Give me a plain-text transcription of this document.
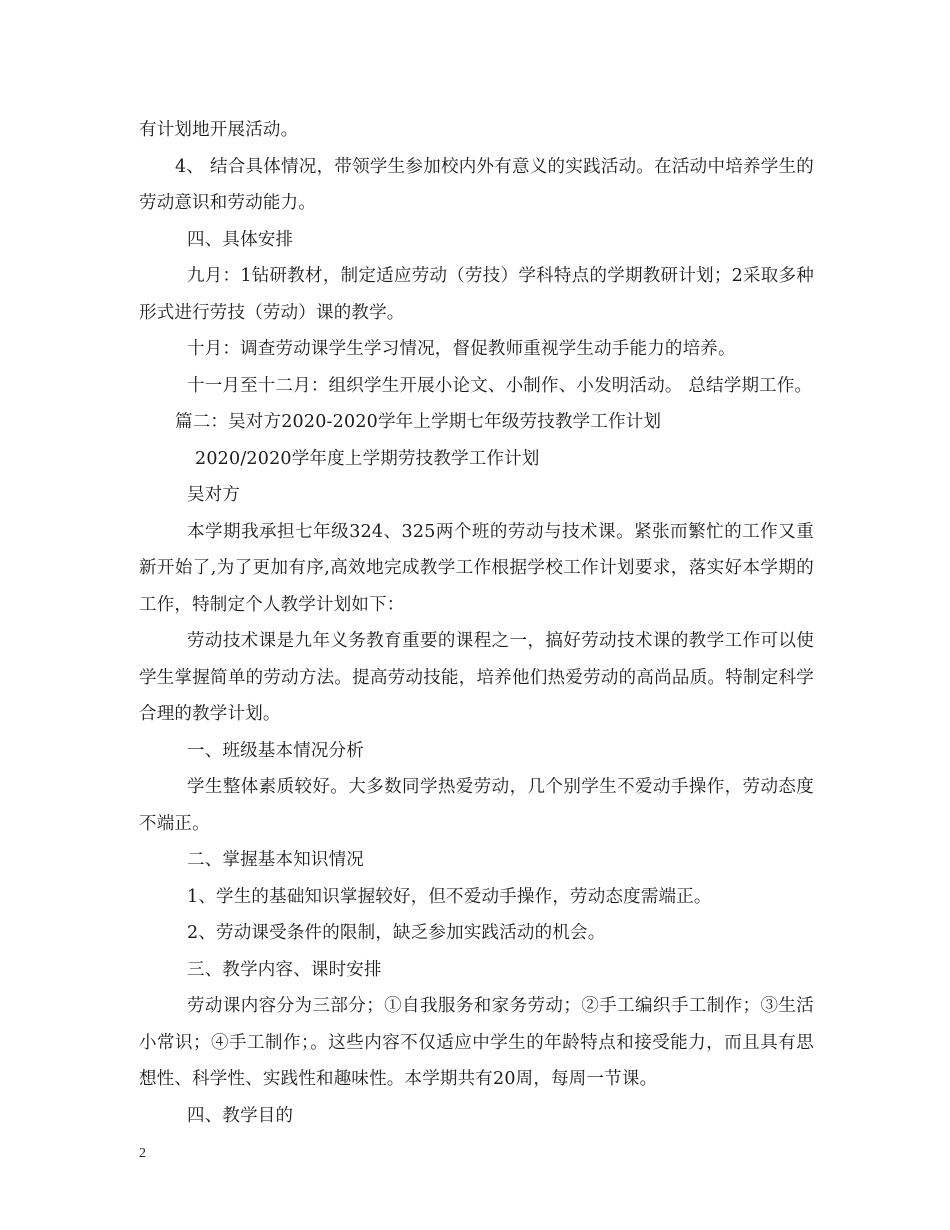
有计划地开展活动。

4、 结合具体情况，带领学生参加校内外有意义的实践活动。在活动中培养学生的劳动意识和劳动能力。

四、具体安排

九月：1钻研教材，制定适应劳动（劳技）学科特点的学期教研计划；2采取多种形式进行劳技（劳动）课的教学。

十月：调查劳动课学生学习情况，督促教师重视学生动手能力的培养。

十一月至十二月：组织学生开展小论文、小制作、小发明活动。 总结学期工作。

篇二：吴对方2020-2020学年上学期七年级劳技教学工作计划

2020/2020学年度上学期劳技教学工作计划

吴对方

本学期我承担七年级324、325两个班的劳动与技术课。紧张而繁忙的工作又重新开始了,为了更加有序,高效地完成教学工作根据学校工作计划要求，落实好本学期的工作，特制定个人教学计划如下：

劳动技术课是九年义务教育重要的课程之一，搞好劳动技术课的教学工作可以使学生掌握简单的劳动方法。提高劳动技能，培养他们热爱劳动的高尚品质。特制定科学合理的教学计划。

一、班级基本情况分析

学生整体素质较好。大多数同学热爱劳动，几个别学生不爱动手操作，劳动态度不端正。

二、掌握基本知识情况

1、学生的基础知识掌握较好，但不爱动手操作，劳动态度需端正。

2、劳动课受条件的限制，缺乏参加实践活动的机会。

三、教学内容、课时安排

劳动课内容分为三部分；①自我服务和家务劳动；②手工编织手工制作；③生活小常识；④手工制作；。这些内容不仅适应中学生的年龄特点和接受能力，而且具有思想性、科学性、实践性和趣味性。本学期共有20周，每周一节课。

四、教学目的

2
